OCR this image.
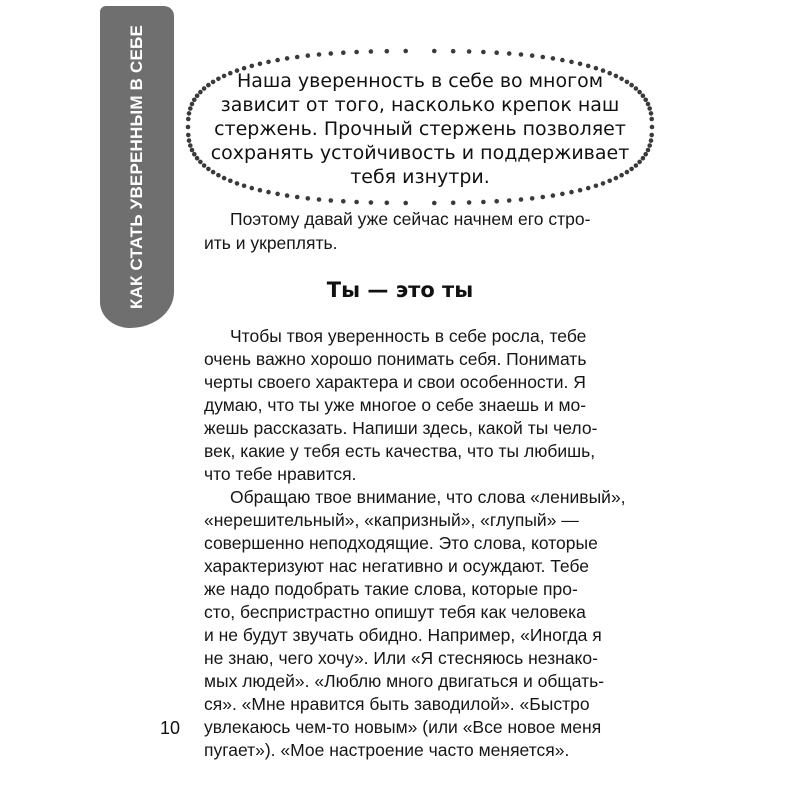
КАК СТАТЬ УВЕРЕННЫМ В СЕБЕ	Наша уверенность в себе во многом
зависит от того, насколько крепок наш
стержень. Прочный стержень позволяет
сохранять устойчивость и поддерживает
тебя изнутри.
Поэтому давай уже сейчас начнем его стро-
ить и укреплять.
Ты — это ты
Чтобы твоя уверенность в себе росла, тебе
очень важно хорошо понимать себя. Понимать
черты своего характера и свои особенности. Я
думаю, что ты уже многое о себе знаешь и мо-
жешь рассказать. Напиши здесь, какой ты чело-
век, какие у тебя есть качества, что ты любишь,
что тебе нравится.
Обращаю твое внимание, что слова «ленивый»,
«нерешительный», «капризный», «глупый» —
совершенно неподходящие. Это слова, которые
характеризуют нас негативно и осуждают. Тебе
же надо подобрать такие слова, которые про-
сто, беспристрастно опишут тебя как человека
и не будут звучать обидно. Например, «Иногда я
не знаю, чего хочу». Или «Я стесняюсь незнако-
мых людей». «Люблю много двигаться и общать-
ся». «Мне нравится быть заводилой». «Быстро
увлекаюсь чем-то новым» (или «Все новое меня
пугает»). «Мое настроение часто меняется».
10
